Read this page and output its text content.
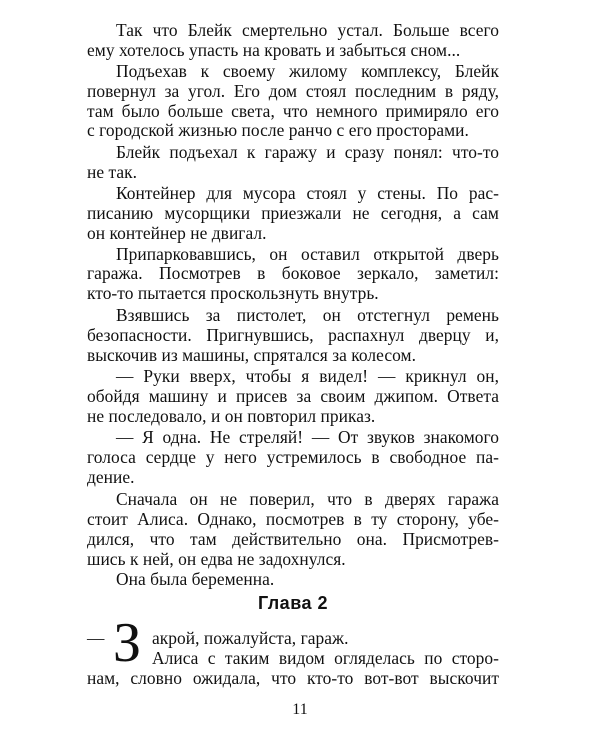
Так что Блейк смертельно устал. Больше всего
ему хотелось упасть на кровать и забыться сном...
Подъехав к своему жилому комплексу, Блейк
повернул за угол. Его дом стоял последним в ряду,
там было больше света, что немного примиряло его
с городской жизнью после ранчо с его просторами.
Блейк подъехал к гаражу и сразу понял: что-то
не так.
Контейнер для мусора стоял у стены. По рас-
писанию мусорщики приезжали не сегодня, а сам
он контейнер не двигал.
Припарковавшись, он оставил открытой дверь
гаража. Посмотрев в боковое зеркало, заметил:
кто-то пытается проскользнуть внутрь.
Взявшись за пистолет, он отстегнул ремень
безопасности. Пригнувшись, распахнул дверцу и,
выскочив из машины, спрятался за колесом.
— Руки вверх, чтобы я видел! — крикнул он,
обойдя машину и присев за своим джипом. Ответа
не последовало, и он повторил приказ.
— Я одна. Не стреляй! — От звуков знакомого
голоса сердце у него устремилось в свободное па-
дение.
Сначала он не поверил, что в дверях гаража
стоит Алиса. Однако, посмотрев в ту сторону, убе-
дился, что там действительно она. Присмотрев-
шись к ней, он едва не задохнулся.
Она была беременна.
Глава 2
— З акрой, пожалуйста, гараж.
Алиса с таким видом огляделась по сторо-
нам, словно ожидала, что кто-то вот-вот выскочит
11
